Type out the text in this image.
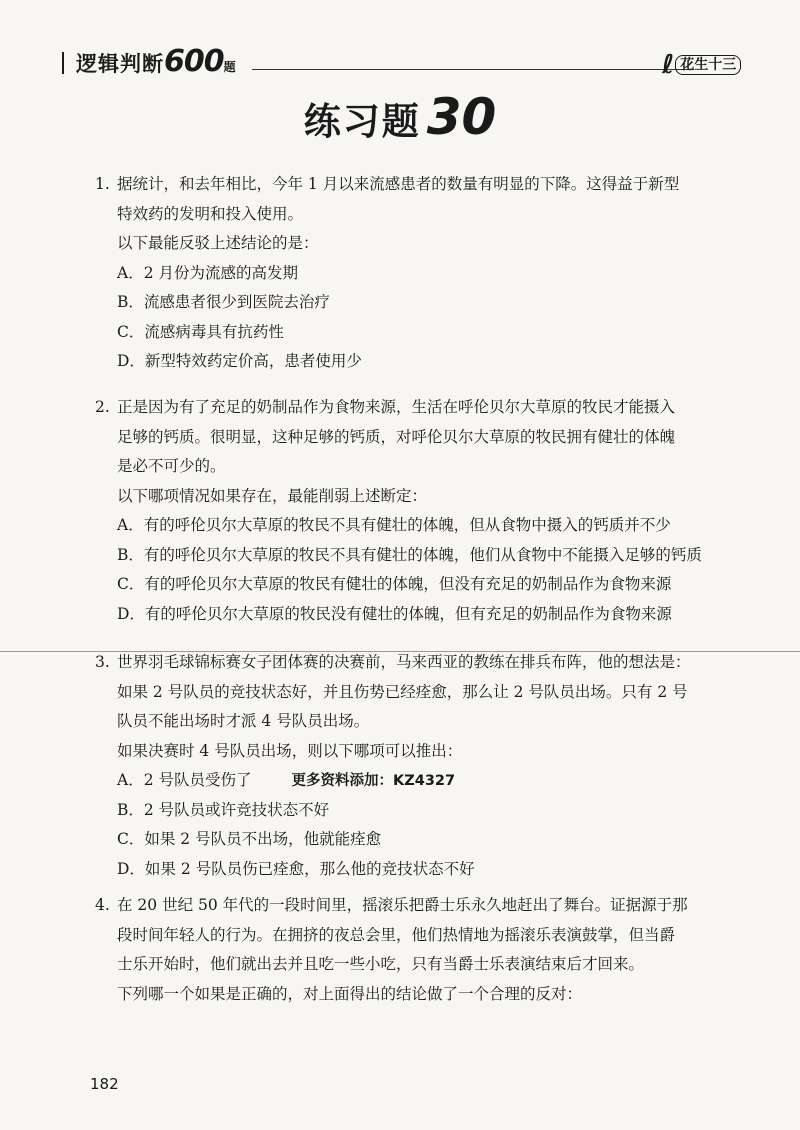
逻辑判断600题	ℓ花生十三
练习题 30
1. 据统计，和去年相比，今年 1 月以来流感患者的数量有明显的下降。这得益于新型
特效药的发明和投入使用。
以下最能反驳上述结论的是：
A．2 月份为流感的高发期
B．流感患者很少到医院去治疗
C．流感病毒具有抗药性
D．新型特效药定价高，患者使用少
2. 正是因为有了充足的奶制品作为食物来源，生活在呼伦贝尔大草原的牧民才能摄入
足够的钙质。很明显，这种足够的钙质，对呼伦贝尔大草原的牧民拥有健壮的体魄
是必不可少的。
以下哪项情况如果存在，最能削弱上述断定：
A．有的呼伦贝尔大草原的牧民不具有健壮的体魄，但从食物中摄入的钙质并不少
B．有的呼伦贝尔大草原的牧民不具有健壮的体魄，他们从食物中不能摄入足够的钙质
C．有的呼伦贝尔大草原的牧民有健壮的体魄，但没有充足的奶制品作为食物来源
D．有的呼伦贝尔大草原的牧民没有健壮的体魄，但有充足的奶制品作为食物来源
3. 世界羽毛球锦标赛女子团体赛的决赛前，马来西亚的教练在排兵布阵，他的想法是：
如果 2 号队员的竞技状态好，并且伤势已经痊愈，那么让 2 号队员出场。只有 2 号
队员不能出场时才派 4 号队员出场。
如果决赛时 4 号队员出场，则以下哪项可以推出：
A．2 号队员受伤了	更多资料添加：KZ4327
B．2 号队员或许竞技状态不好
C．如果 2 号队员不出场，他就能痊愈
D．如果 2 号队员伤已痊愈，那么他的竞技状态不好
4. 在 20 世纪 50 年代的一段时间里，摇滚乐把爵士乐永久地赶出了舞台。证据源于那
段时间年轻人的行为。在拥挤的夜总会里，他们热情地为摇滚乐表演鼓掌，但当爵
士乐开始时，他们就出去并且吃一些小吃，只有当爵士乐表演结束后才回来。
下列哪一个如果是正确的，对上面得出的结论做了一个合理的反对：
182
